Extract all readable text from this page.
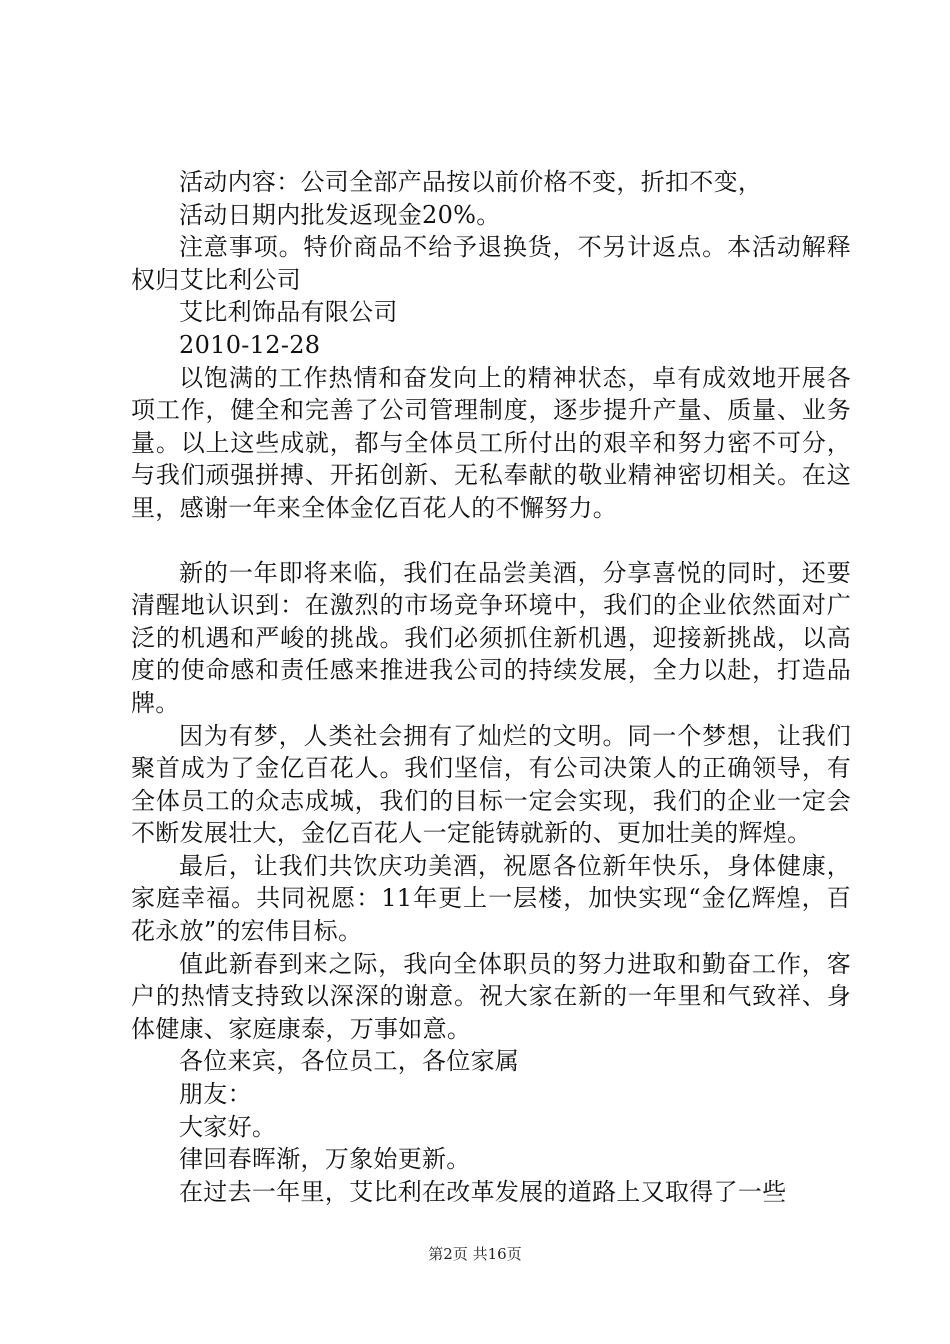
活动内容：公司全部产品按以前价格不变，折扣不变，

活动日期内批发返现金20%。

注意事项。特价商品不给予退换货，不另计返点。本活动解释权归艾比利公司

艾比利饰品有限公司

2010-12-28

以饱满的工作热情和奋发向上的精神状态，卓有成效地开展各项工作，健全和完善了公司管理制度，逐步提升产量、质量、业务量。以上这些成就，都与全体员工所付出的艰辛和努力密不可分，与我们顽强拼搏、开拓创新、无私奉献的敬业精神密切相关。在这里，感谢一年来全体金亿百花人的不懈努力。

新的一年即将来临，我们在品尝美酒，分享喜悦的同时，还要清醒地认识到：在激烈的市场竞争环境中，我们的企业依然面对广泛的机遇和严峻的挑战。我们必须抓住新机遇，迎接新挑战，以高度的使命感和责任感来推进我公司的持续发展，全力以赴，打造品牌。

因为有梦，人类社会拥有了灿烂的文明。同一个梦想，让我们聚首成为了金亿百花人。我们坚信，有公司决策人的正确领导，有全体员工的众志成城，我们的目标一定会实现，我们的企业一定会不断发展壮大，金亿百花人一定能铸就新的、更加壮美的辉煌。

最后，让我们共饮庆功美酒，祝愿各位新年快乐，身体健康，家庭幸福。共同祝愿：11年更上一层楼，加快实现“金亿辉煌，百花永放”的宏伟目标。

值此新春到来之际，我向全体职员的努力进取和勤奋工作，客户的热情支持致以深深的谢意。祝大家在新的一年里和气致祥、身体健康、家庭康泰，万事如意。

各位来宾，各位员工，各位家属

朋友：

大家好。

律回春晖渐，万象始更新。

在过去一年里，艾比利在改革发展的道路上又取得了一些

第2页 共16页
